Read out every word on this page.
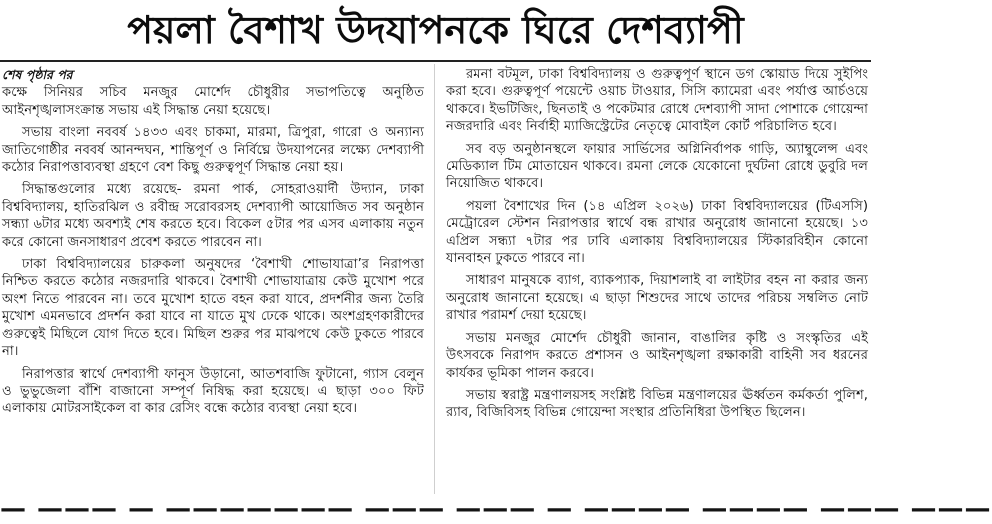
পয়লা বৈশাখ উদযাপনকে ঘিরে দেশব্যাপী
শেষ পৃষ্ঠার পর

কক্ষে সিনিয়র সচিব মনজুর মোর্শেদ চৌধুরীর সভাপতিত্বে অনুষ্ঠিত আইনশৃঙ্খলাসংক্রান্ত সভায় এই সিদ্ধান্ত নেয়া হয়েছে।

সভায় বাংলা নববর্ষ ১৪৩৩ এবং চাকমা, মারমা, ত্রিপুরা, গারো ও অন্যান্য জাতিগোষ্ঠীর নববর্ষ আনন্দঘন, শান্তিপূর্ণ ও নির্বিঘ্নে উদযাপনের লক্ষ্যে দেশব্যাপী কঠোর নিরাপত্তাব্যবস্থা গ্রহণে বেশ কিছু গুরুত্বপূর্ণ সিদ্ধান্ত নেয়া হয়।

সিদ্ধান্তগুলোর মধ্যে রয়েছে- রমনা পার্ক, সোহরাওয়ার্দী উদ্যান, ঢাকা বিশ্ববিদ্যালয়, হাতিরঝিল ও রবীন্দ্র সরোবরসহ দেশব্যাপী আয়োজিত সব অনুষ্ঠান সন্ধ্যা ৬টার মধ্যে অবশ্যই শেষ করতে হবে। বিকেল ৫টার পর এসব এলাকায় নতুন করে কোনো জনসাধারণ প্রবেশ করতে পারবেন না।

ঢাকা বিশ্ববিদ্যালয়ের চারুকলা অনুষদের ‘বৈশাখী শোভাযাত্রা’র নিরাপত্তা নিশ্চিত করতে কঠোর নজরদারি থাকবে। বৈশাখী শোভাযাত্রায় কেউ মুখোশ পরে অংশ নিতে পারবেন না। তবে মুখোশ হাতে বহন করা যাবে, প্রদর্শনীর জন্য তৈরি মুখোশ এমনভাবে প্রদর্শন করা যাবে না যাতে মুখ ঢেকে থাকে। অংশগ্রহণকারীদের গুরুত্বেই মিছিলে যোগ দিতে হবে। মিছিল শুরুর পর মাঝপথে কেউ ঢুকতে পারবে না।

নিরাপত্তার স্বার্থে দেশব্যাপী ফানুস উড়ানো, আতশবাজি ফুটানো, গ্যাস বেলুন ও ভুভুজেলা বাঁশি বাজানো সম্পূর্ণ নিষিদ্ধ করা হয়েছে। এ ছাড়া ৩০০ ফিট এলাকায় মোটরসাইকেল বা কার রেসিং বন্ধে কঠোর ব্যবস্থা নেয়া হবে।

রমনা বটমূল, ঢাকা বিশ্ববিদ্যালয় ও গুরুত্বপূর্ণ স্থানে ডগ স্কোয়াড দিয়ে সুইপিং করা হবে। গুরুত্বপূর্ণ পয়েন্টে ওয়াচ টাওয়ার, সিসি ক্যামেরা এবং পর্যাপ্ত আর্চওয়ে থাকবে। ইভটিজিং, ছিনতাই ও পকেটমার রোধে দেশব্যাপী সাদা পোশাকে গোয়েন্দা নজরদারি এবং নির্বাহী ম্যাজিস্ট্রেটের নেতৃত্বে মোবাইল কোর্ট পরিচালিত হবে।

সব বড় অনুষ্ঠানস্থলে ফায়ার সার্ভিসের অগ্নিনির্বাপক গাড়ি, অ্যাম্বুলেন্স এবং মেডিক্যাল টিম মোতায়েন থাকবে। রমনা লেকে যেকোনো দুর্ঘটনা রোধে ডুবুরি দল নিয়োজিত থাকবে।

পয়লা বৈশাখের দিন (১৪ এপ্রিল ২০২৬) ঢাকা বিশ্ববিদ্যালয়ের (টিএসসি) মেট্রোরেল স্টেশন নিরাপত্তার স্বার্থে বন্ধ রাখার অনুরোধ জানানো হয়েছে। ১৩ এপ্রিল সন্ধ্যা ৭টার পর ঢাবি এলাকায় বিশ্ববিদ্যালয়ের স্টিকারবিহীন কোনো যানবাহন ঢুকতে পারবে না।

সাধারণ মানুষকে ব্যাগ, ব্যাকপ্যাক, দিয়াশলাই বা লাইটার বহন না করার জন্য অনুরোধ জানানো হয়েছে। এ ছাড়া শিশুদের সাথে তাদের পরিচয় সম্বলিত নোট রাখার পরামর্শ দেয়া হয়েছে।

সভায় মনজুর মোর্শেদ চৌধুরী জানান, বাঙালির কৃষ্টি ও সংস্কৃতির এই উৎসবকে নিরাপদ করতে প্রশাসন ও আইনশৃঙ্খলা রক্ষাকারী বাহিনী সব ধরনের কার্যকর ভূমিকা পালন করবে।

সভায় স্বরাষ্ট্র মন্ত্রণালয়সহ সংশ্লিষ্ট বিভিন্ন মন্ত্রণালয়ের ঊর্ধ্বতন কর্মকর্তা পুলিশ, র‌্যাব, বিজিবিসহ বিভিন্ন গোয়েন্দা সংস্থার প্রতিনিধিরা উপস্থিত ছিলেন।

— ——— — ——————— ——— ——— — ———— ———— ——— ———
